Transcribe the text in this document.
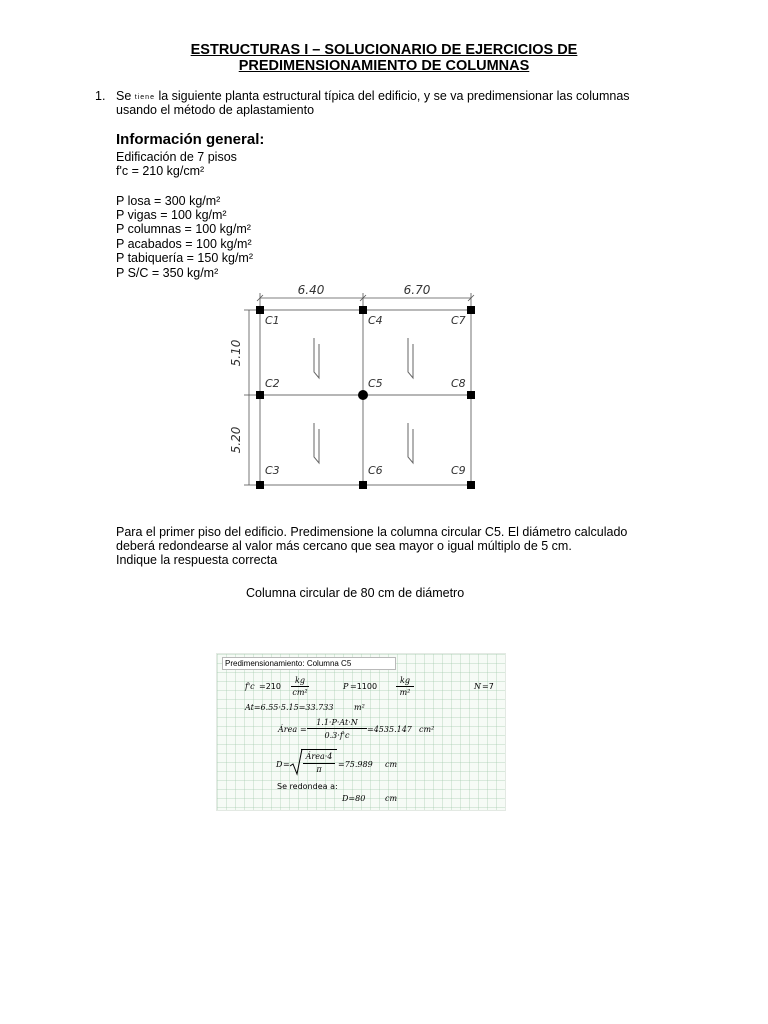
ESTRUCTURAS I – SOLUCIONARIO DE EJERCICIOS DE
PREDIMENSIONAMIENTO DE COLUMNAS
1. Se tiene la siguiente planta estructural típica del edificio, y se va predimensionar las columnas
usando el método de aplastamiento
Información general:
Edificación de 7 pisos
f'c = 210 kg/cm²
P losa = 300 kg/m²
P vigas = 100 kg/m²
P columnas = 100 kg/m²
P acabados = 100 kg/m²
P tabiquería = 150 kg/m²
P S/C = 350 kg/m²
6.40	6.70
5.10
5.20
C1	C4	C7
C2	C5	C8
C3	C6	C9
Para el primer piso del edificio. Predimensione la columna circular C5. El diámetro calculado
deberá redondearse al valor más cercano que sea mayor o igual múltiplo de 5 cm.
Indique la respuesta correcta
Columna circular de 80 cm de diámetro
Predimensionamiento: Columna C5
f'c =210
kg
cm²
P =1100
kg
m²
N =7
At=6.55·5.15=33.733	m²
Área =
1.1·P·At·N
0.3·f'c
=4535.147 cm²
D =
Área·4
π
=75.989 cm
Se redondea a:
D=80 cm
